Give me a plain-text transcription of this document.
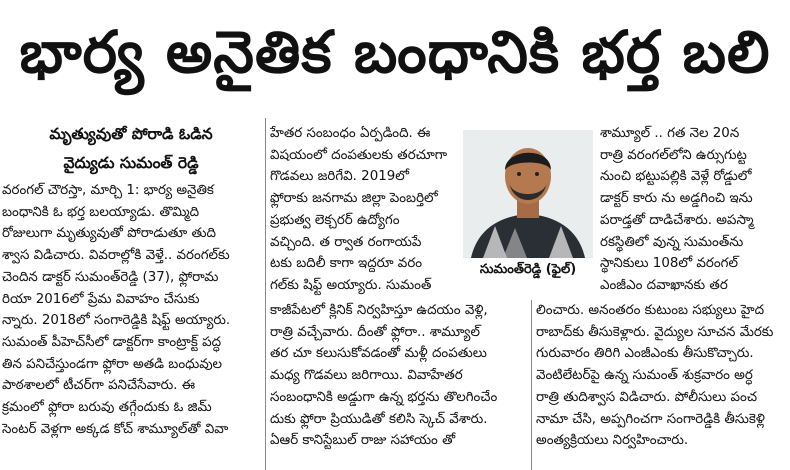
భార్య అనైతిక బంధానికి భర్త బలి
మృత్యువుతో పోరాడి ఓడిన
వైద్యుడు సుమంత్ రెడ్డి

వరంగల్ చౌరస్తా, మార్చి 1: భార్య అనైతిక

బంధానికి ఓ భర్త బలయ్యాడు. తొమ్మిది

రోజులుగా మృత్యువుతో పోరాడుతూ తుది

శ్వాస విడిచారు. వివరాల్లోకి వెళ్తే.. వరంగల్‌కు

చెందిన డాక్టర్ సుమంత్‌రెడ్డి (37), ఫ్లోరామ

రియా 2016లో ప్రేమ వివాహం చేసుకు

న్నారు. 2018లో సంగారెడ్డికి షిఫ్ట్ అయ్యారు.

సుమంత్ పీహెచ్‌సీలో డాక్టర్‌గా కాంట్రాక్ట్ పద్ధ

తిన పనిచేస్తుండగా ఫ్లోరా అతడి బంధువుల

పాఠశాలలో టీచర్‌గా పనిచేసేవారు. ఈ

క్రమంలో ఫ్లోరా బరువు తగ్గేందుకు ఓ జిమ్

సెంటర్ వెళ్లగా అక్కడ కోచ్ శామ్యూల్‌తో వివా

హేతర సంబంధం ఏర్పడింది. ఈ

విషయంలో దంపతులకు తరచూగా

గొడవలు జరిగేవి. 2019లో

ఫ్లోరాకు జనగామ జిల్లా పెంబర్తిలో

ప్రభుత్వ లెక్చరర్ ఉద్యోగం

వచ్చింది. త ర్వాత రంగాయపే

టకు బదిలీ కాగా ఇద్దరూ వరం

గల్‌కు షిఫ్ట్ అయ్యారు. సుమంత్

కాజీపేటలో క్లినిక్ నిర్వహిస్తూ ఉదయం వెళ్లి,

రాత్రి వచ్చేవారు. దీంతో ఫ్లోరా.. శామ్యూల్

తర చూ కలుసుకోవడంతో మళ్లీ దంపతులు

మధ్య గొడవలు జరిగాయి. వివాహేతర

సంబంధానికి అడ్డుగా ఉన్న భర్తను తొలగించేం

దుకు ఫ్లోరా ప్రియుడితో కలిసి స్కెచ్ వేశారు.

ఏఆర్ కానిస్టేబుల్ రాజు సహాయం తో

సుమంత్‌రెడ్డి (ఫైల్)

శామ్యూల్ .. గత నెల 20న

రాత్రి వరంగల్‌లోని ఉర్సుగుట్ట

నుంచి భట్టుపల్లికి వెళ్లే రోడ్డులో

డాక్టర్ కారు ను అడ్డగించి ఇను

పరాడ్తతో దాడిచేశారు. అపస్మా

రకస్థితిలో వున్న సుమంత్‌ను

స్థానికులు 108లో వరంగల్

ఎంజీఎం దవాఖానకు తర

లించారు. అనంతరం కుటుంబ సభ్యులు హైద

రాబాద్‌కు తీసుకెళ్లారు. వైద్యుల సూచన మేరకు

గురువారం తిరిగి ఎంజీఎంకు తీసుకొచ్చారు.

వెంటిలేటర్‌పై ఉన్న సుమంత్ శుక్రవారం అర్ధ

రాత్రి తుదిశ్వాస విడిచారు. పోలీసులు పంచ

నామా చేసి, అప్పగించగా సంగారెడ్డికి తీసుకెళ్లి

అంత్యక్రియలు నిర్వహించారు.
